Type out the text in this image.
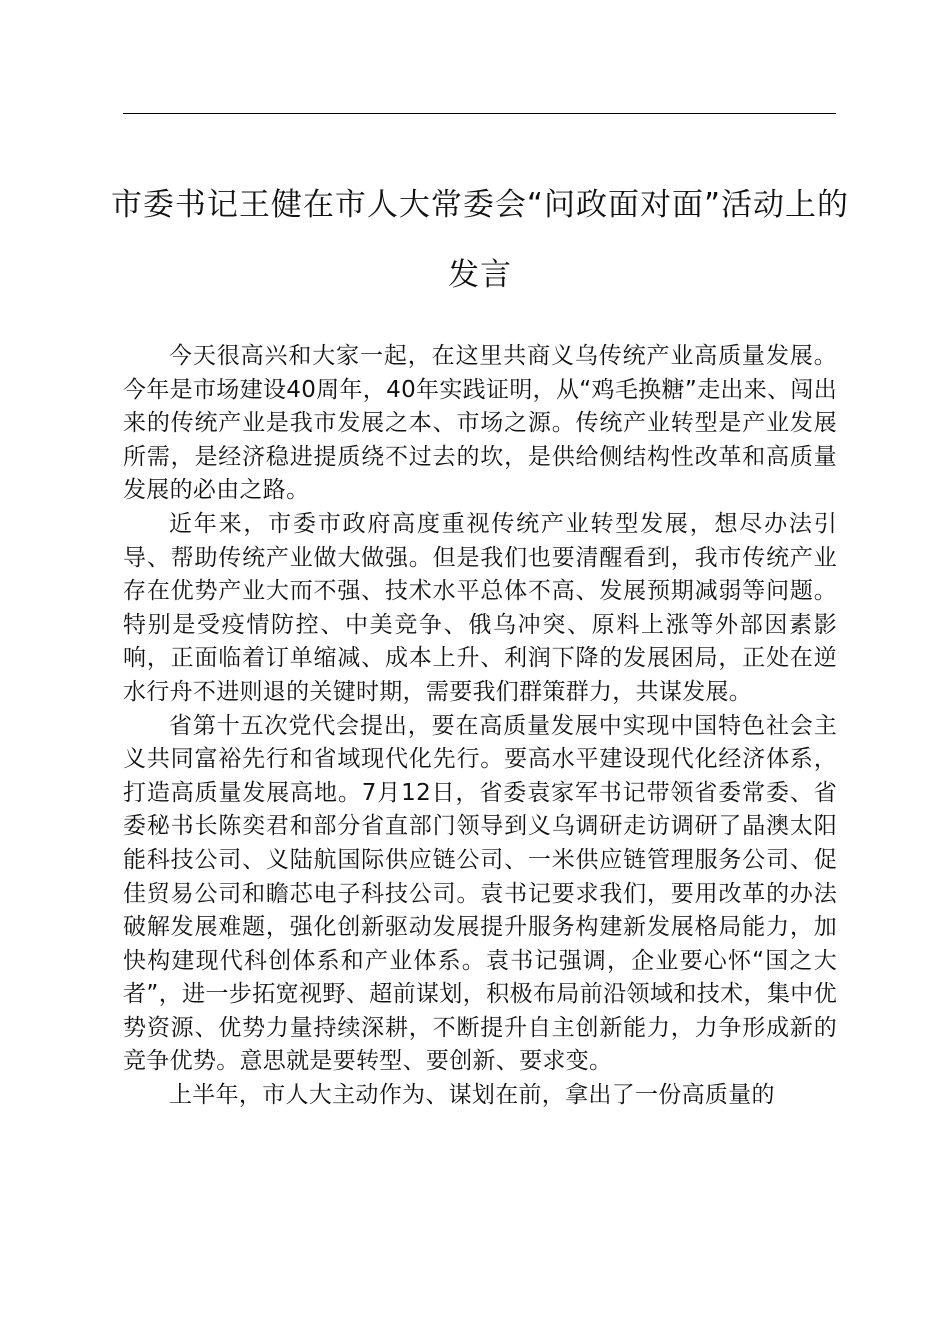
市委书记王健在市人大常委会“问政面对面”活动上的发言

今天很高兴和大家一起，在这里共商义乌传统产业高质量发展。今年是市场建设40周年，40年实践证明，从“鸡毛换糖”走出来、闯出来的传统产业是我市发展之本、市场之源。传统产业转型是产业发展所需，是经济稳进提质绕不过去的坎，是供给侧结构性改革和高质量发展的必由之路。

近年来，市委市政府高度重视传统产业转型发展，想尽办法引导、帮助传统产业做大做强。但是我们也要清醒看到，我市传统产业存在优势产业大而不强、技术水平总体不高、发展预期减弱等问题。特别是受疫情防控、中美竞争、俄乌冲突、原料上涨等外部因素影响，正面临着订单缩减、成本上升、利润下降的发展困局，正处在逆水行舟不进则退的关键时期，需要我们群策群力，共谋发展。

省第十五次党代会提出，要在高质量发展中实现中国特色社会主义共同富裕先行和省域现代化先行。要高水平建设现代化经济体系，打造高质量发展高地。7月12日，省委袁家军书记带领省委常委、省委秘书长陈奕君和部分省直部门领导到义乌调研走访调研了晶澳太阳能科技公司、义陆航国际供应链公司、一米供应链管理服务公司、促佳贸易公司和瞻芯电子科技公司。袁书记要求我们，要用改革的办法破解发展难题，强化创新驱动发展提升服务构建新发展格局能力，加快构建现代科创体系和产业体系。袁书记强调，企业要心怀“国之大者”，进一步拓宽视野、超前谋划，积极布局前沿领域和技术，集中优势资源、优势力量持续深耕，不断提升自主创新能力，力争形成新的竞争优势。意思就是要转型、要创新、要求变。

上半年，市人大主动作为、谋划在前，拿出了一份高质量的
